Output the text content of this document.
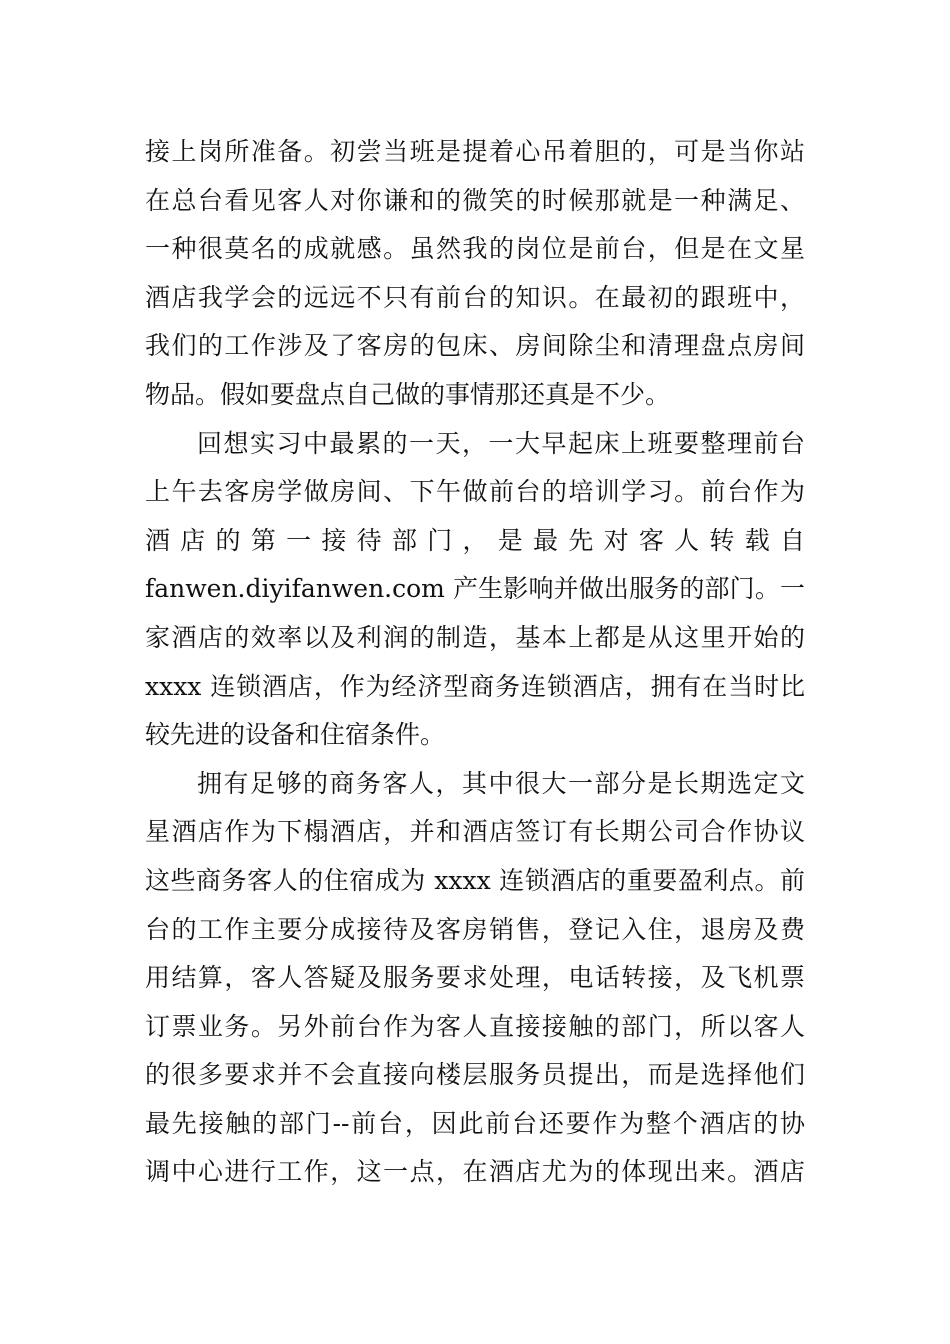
接上岗所准备。初尝当班是提着心吊着胆的，可是当你站
在总台看见客人对你谦和的微笑的时候那就是一种满足、
一种很莫名的成就感。虽然我的岗位是前台，但是在文星
酒店我学会的远远不只有前台的知识。在最初的跟班中，
我们的工作涉及了客房的包床、房间除尘和清理盘点房间
物品。假如要盘点自己做的事情那还真是不少。
回想实习中最累的一天，一大早起床上班要整理前台
上午去客房学做房间、下午做前台的培训学习。前台作为
酒 店 的 第 一 接 待 部 门 ， 是 最 先 对 客 人 转 载 自
fanwen.diyifanwen.com 产生影响并做出服务的部门。一
家酒店的效率以及利润的制造，基本上都是从这里开始的
xxxx 连锁酒店，作为经济型商务连锁酒店，拥有在当时比
较先进的设备和住宿条件。
拥有足够的商务客人，其中很大一部分是长期选定文
星酒店作为下榻酒店，并和酒店签订有长期公司合作协议
这些商务客人的住宿成为 xxxx 连锁酒店的重要盈利点。前
台的工作主要分成接待及客房销售，登记入住，退房及费
用结算，客人答疑及服务要求处理，电话转接，及飞机票
订票业务。另外前台作为客人直接接触的部门，所以客人
的很多要求并不会直接向楼层服务员提出，而是选择他们
最先接触的部门--前台，因此前台还要作为整个酒店的协
调中心进行工作，这一点，在酒店尤为的体现出来。酒店
